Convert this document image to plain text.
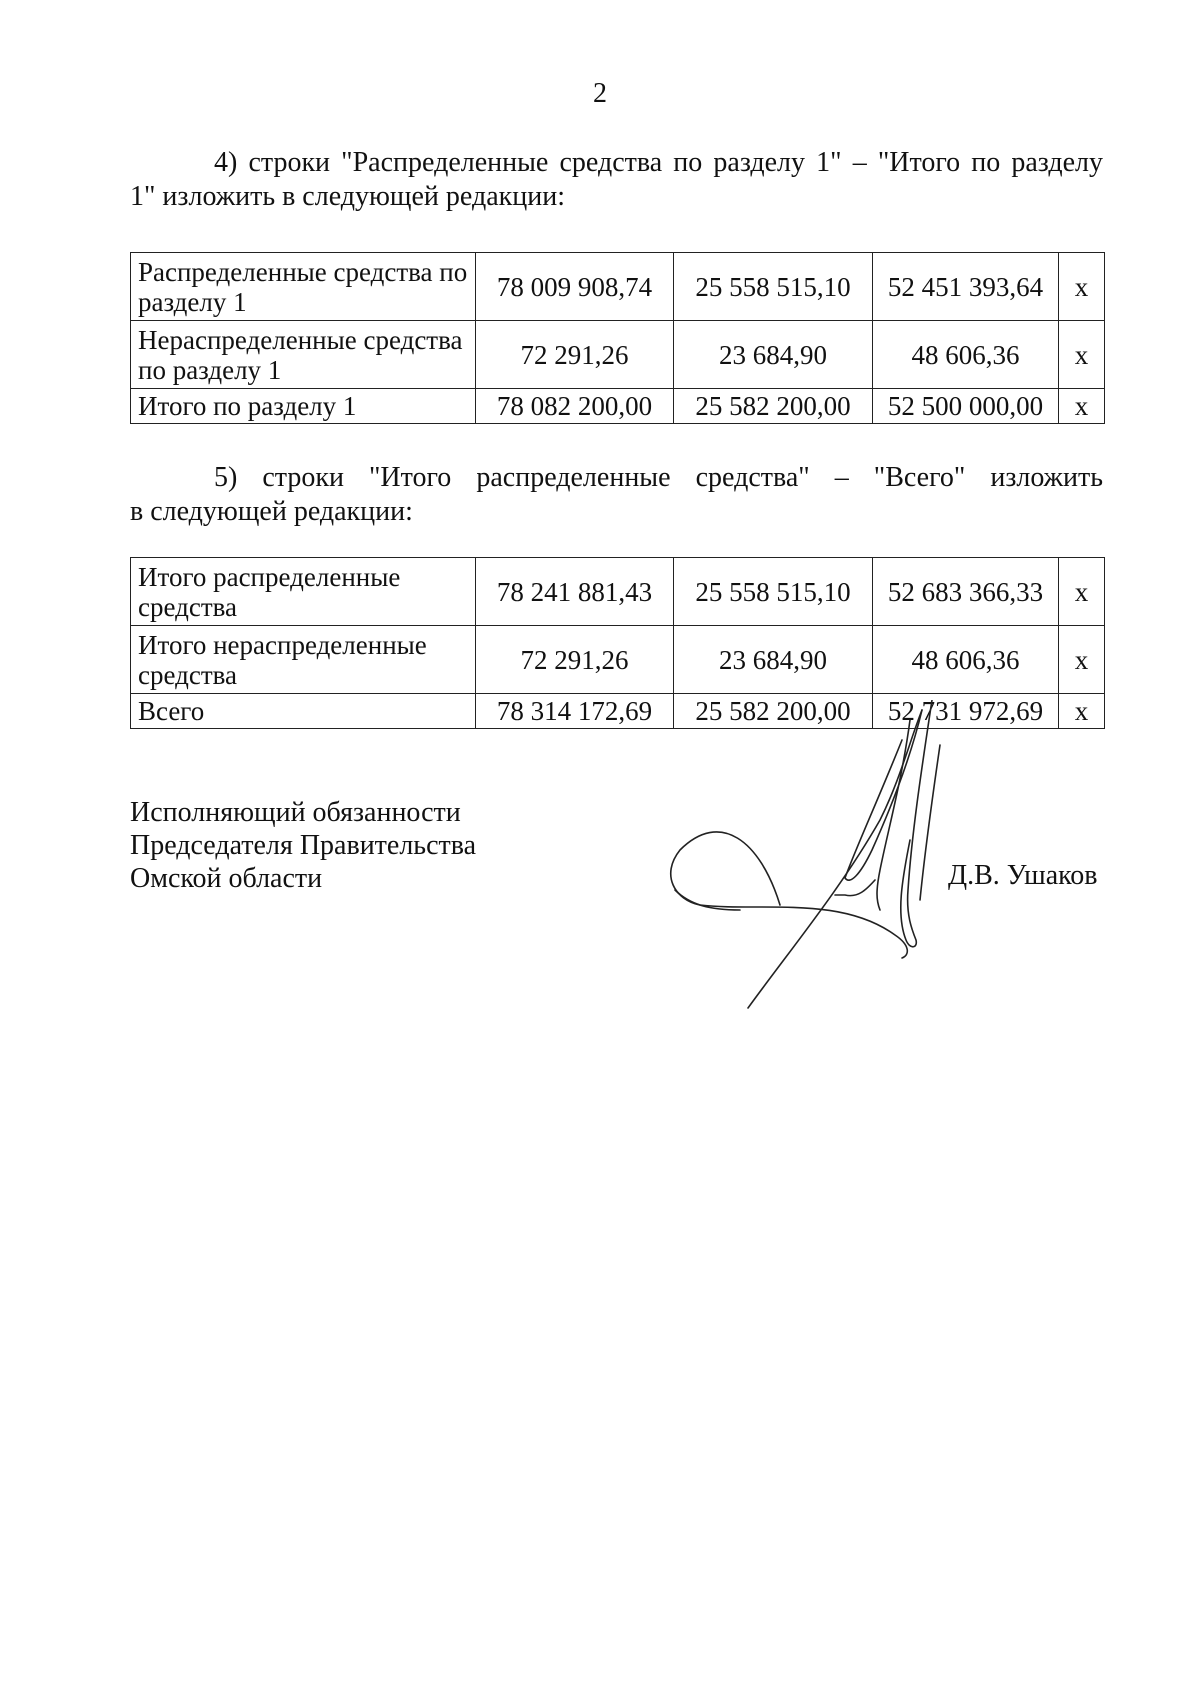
2
4) строки "Распределенные средства по разделу 1" – "Итого по разделу
1" изложить в следующей редакции:
Распределенные средства по разделу 1	78 009 908,74	25 558 515,10	52 451 393,64	x
Нераспределенные средства по разделу 1	72 291,26	23 684,90	48 606,36	x
Итого по разделу 1	78 082 200,00	25 582 200,00	52 500 000,00	x
5) строки "Итого распределенные средства" – "Всего" изложить
в следующей редакции:
Итого распределенные средства	78 241 881,43	25 558 515,10	52 683 366,33	x
Итого нераспределенные средства	72 291,26	23 684,90	48 606,36	x
Всего	78 314 172,69	25 582 200,00	52 731 972,69	x
Исполняющий обязанности
Председателя Правительства
Омской области	Д.В. Ушаков
